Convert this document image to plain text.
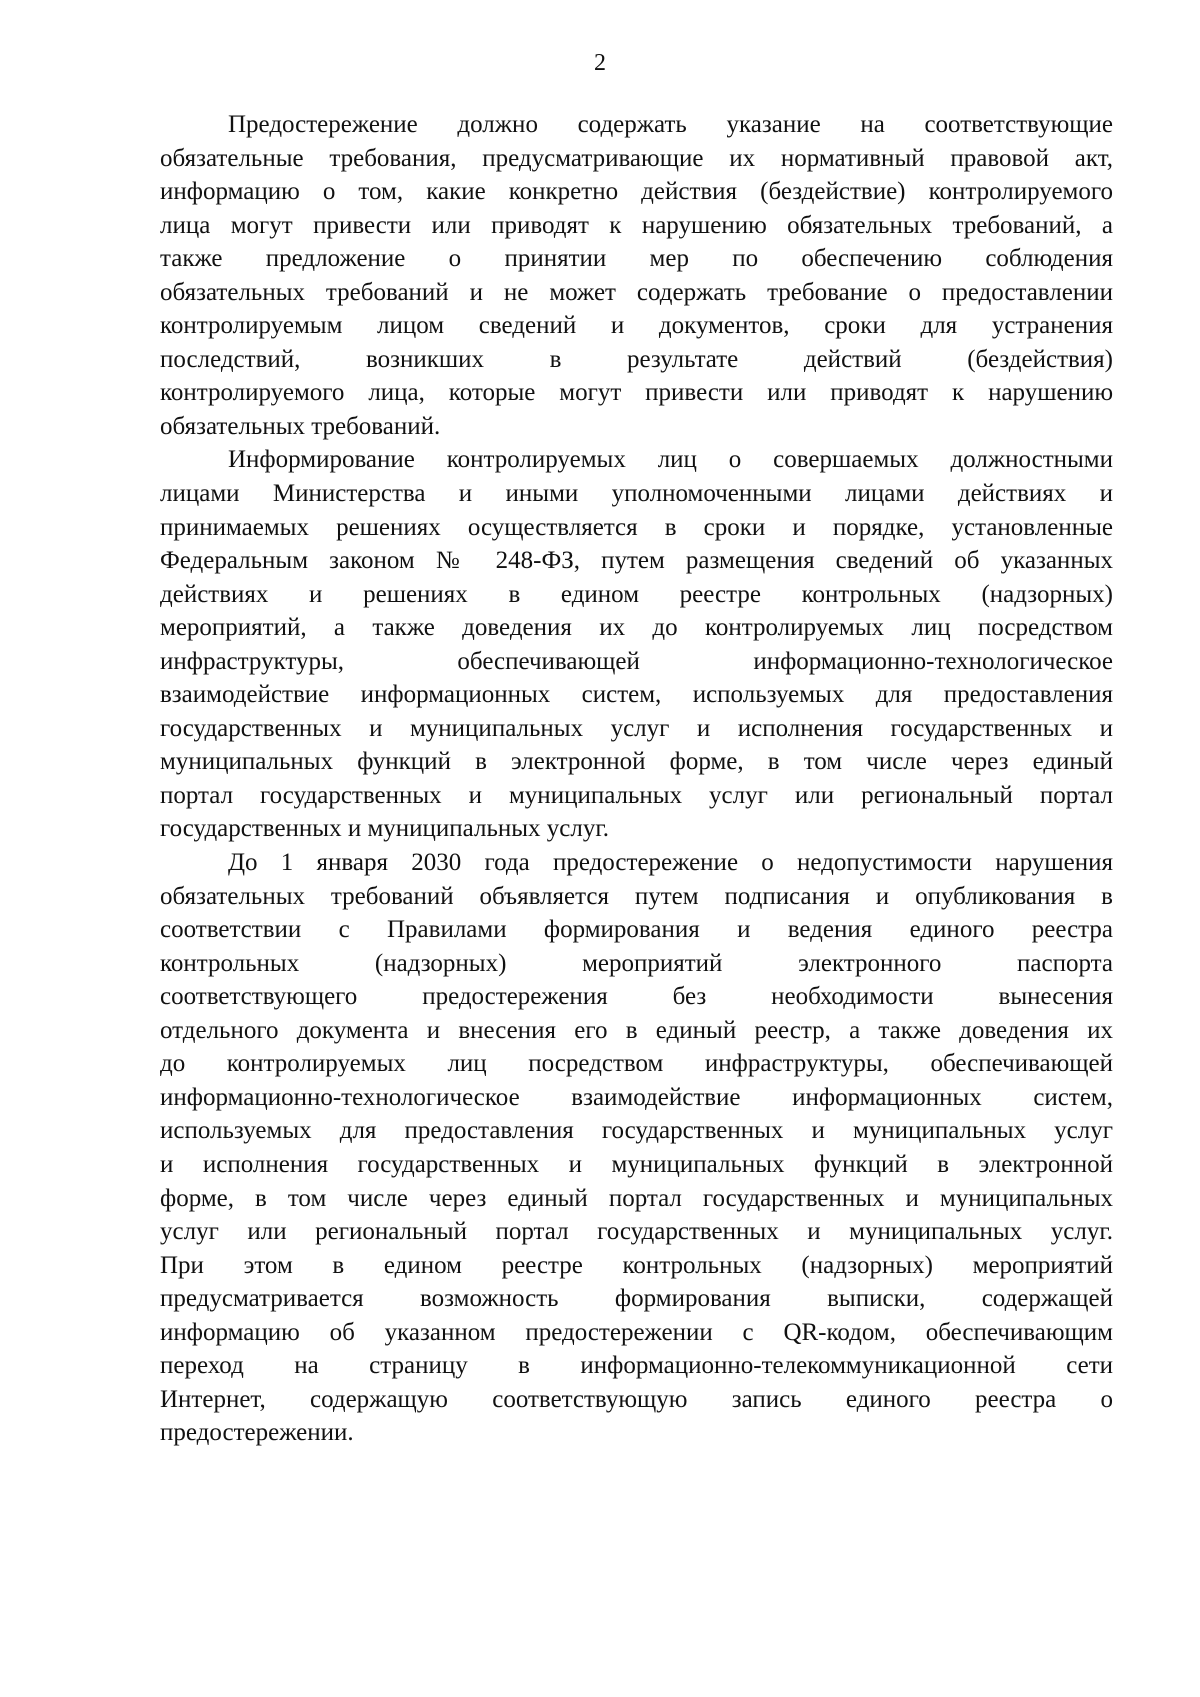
2
Предостережение должно содержать указание на соответствующие
обязательные требования, предусматривающие их нормативный правовой акт,
информацию о том, какие конкретно действия (бездействие) контролируемого
лица могут привести или приводят к нарушению обязательных требований, а
также предложение о принятии мер по обеспечению соблюдения
обязательных требований и не может содержать требование о предоставлении
контролируемым лицом сведений и документов, сроки для устранения
последствий, возникших в результате действий (бездействия)
контролируемого лица, которые могут привести или приводят к нарушению
обязательных требований.
Информирование контролируемых лиц о совершаемых должностными
лицами Министерства и иными уполномоченными лицами действиях и
принимаемых решениях осуществляется в сроки и порядке, установленные
Федеральным законом № 248-ФЗ, путем размещения сведений об указанных
действиях и решениях в едином реестре контрольных (надзорных)
мероприятий, а также доведения их до контролируемых лиц посредством
инфраструктуры, обеспечивающей информационно-технологическое
взаимодействие информационных систем, используемых для предоставления
государственных и муниципальных услуг и исполнения государственных и
муниципальных функций в электронной форме, в том числе через единый
портал государственных и муниципальных услуг или региональный портал
государственных и муниципальных услуг.
До 1 января 2030 года предостережение о недопустимости нарушения
обязательных требований объявляется путем подписания и опубликования в
соответствии с Правилами формирования и ведения единого реестра
контрольных (надзорных) мероприятий электронного паспорта
соответствующего предостережения без необходимости вынесения
отдельного документа и внесения его в единый реестр, а также доведения их
до контролируемых лиц посредством инфраструктуры, обеспечивающей
информационно-технологическое взаимодействие информационных систем,
используемых для предоставления государственных и муниципальных услуг
и исполнения государственных и муниципальных функций в электронной
форме, в том числе через единый портал государственных и муниципальных
услуг или региональный портал государственных и муниципальных услуг.
При этом в едином реестре контрольных (надзорных) мероприятий
предусматривается возможность формирования выписки, содержащей
информацию об указанном предостережении с QR-кодом, обеспечивающим
переход на страницу в информационно-телекоммуникационной сети
Интернет, содержащую соответствующую запись единого реестра о
предостережении.
